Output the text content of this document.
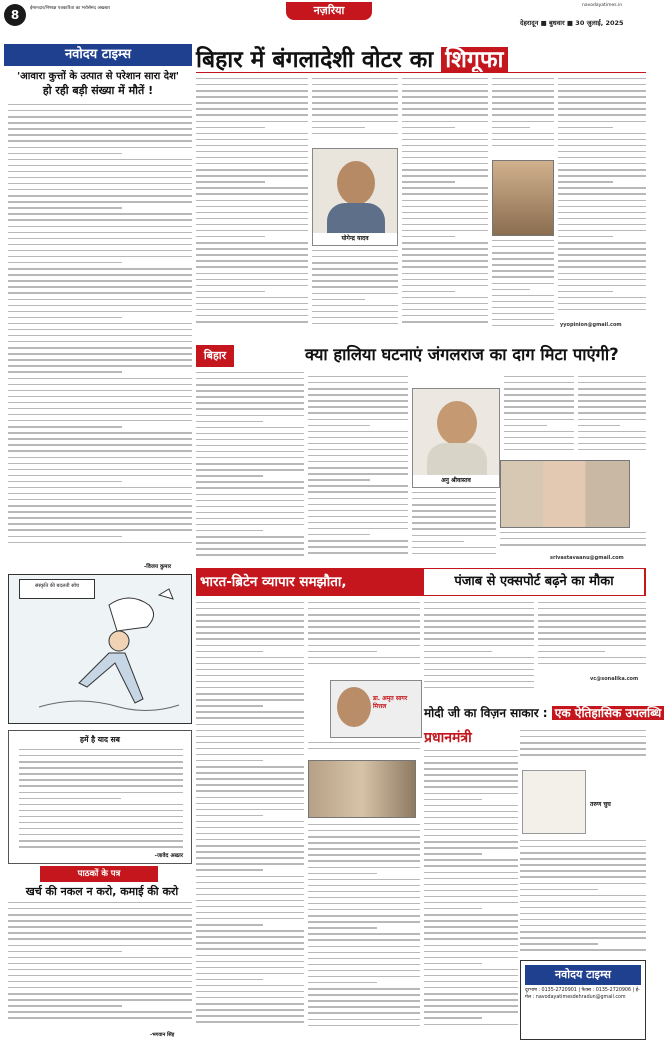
8	ईमानदार/निष्पक्ष पत्रकारिता का भरोसेमंद अखबार	नज़रिया	navodayatimes.in
देहरादून ■ बुधवार ■ 30 जुलाई, 2025
नवोदय टाइम्स
'आवारा कुत्तों के उत्पात से परेशान सारा देश'
हो रही बड़ी संख्या में मौतें !
-विजय कुमार
संस्कृति की बदलती सोच
हमें है याद सब
-जावेद अख्तर
पाठकों के पत्र
खर्च की नकल न करो, कमाई की करो
-भगवान सिंह
बिहार में बंगलादेशी वोटर का शिगूफा
योगेन्द्र यादव
yyopinion@gmail.com
बिहार	क्या हालिया घटनाएं जंगलराज का दाग मिटा पाएंगी?
अनु श्रीवास्तव
srivastavaanu@gmail.com
भारत-ब्रिटेन व्यापार समझौता,	पंजाब से एक्सपोर्ट बढ़ने का मौका
डा. अमृत सागर मित्तल
vc@sonalika.com
मोदी जी का विज़न साकार : एक ऐतिहासिक उपलब्धि
प्रधानमंत्री
तरुण चुघ
नवोदय टाइम्स
दूरभाष : 0135-2720901 | फैक्स : 0135-2720906 | ई-मेल : navodayatimesdehradun@gmail.com
